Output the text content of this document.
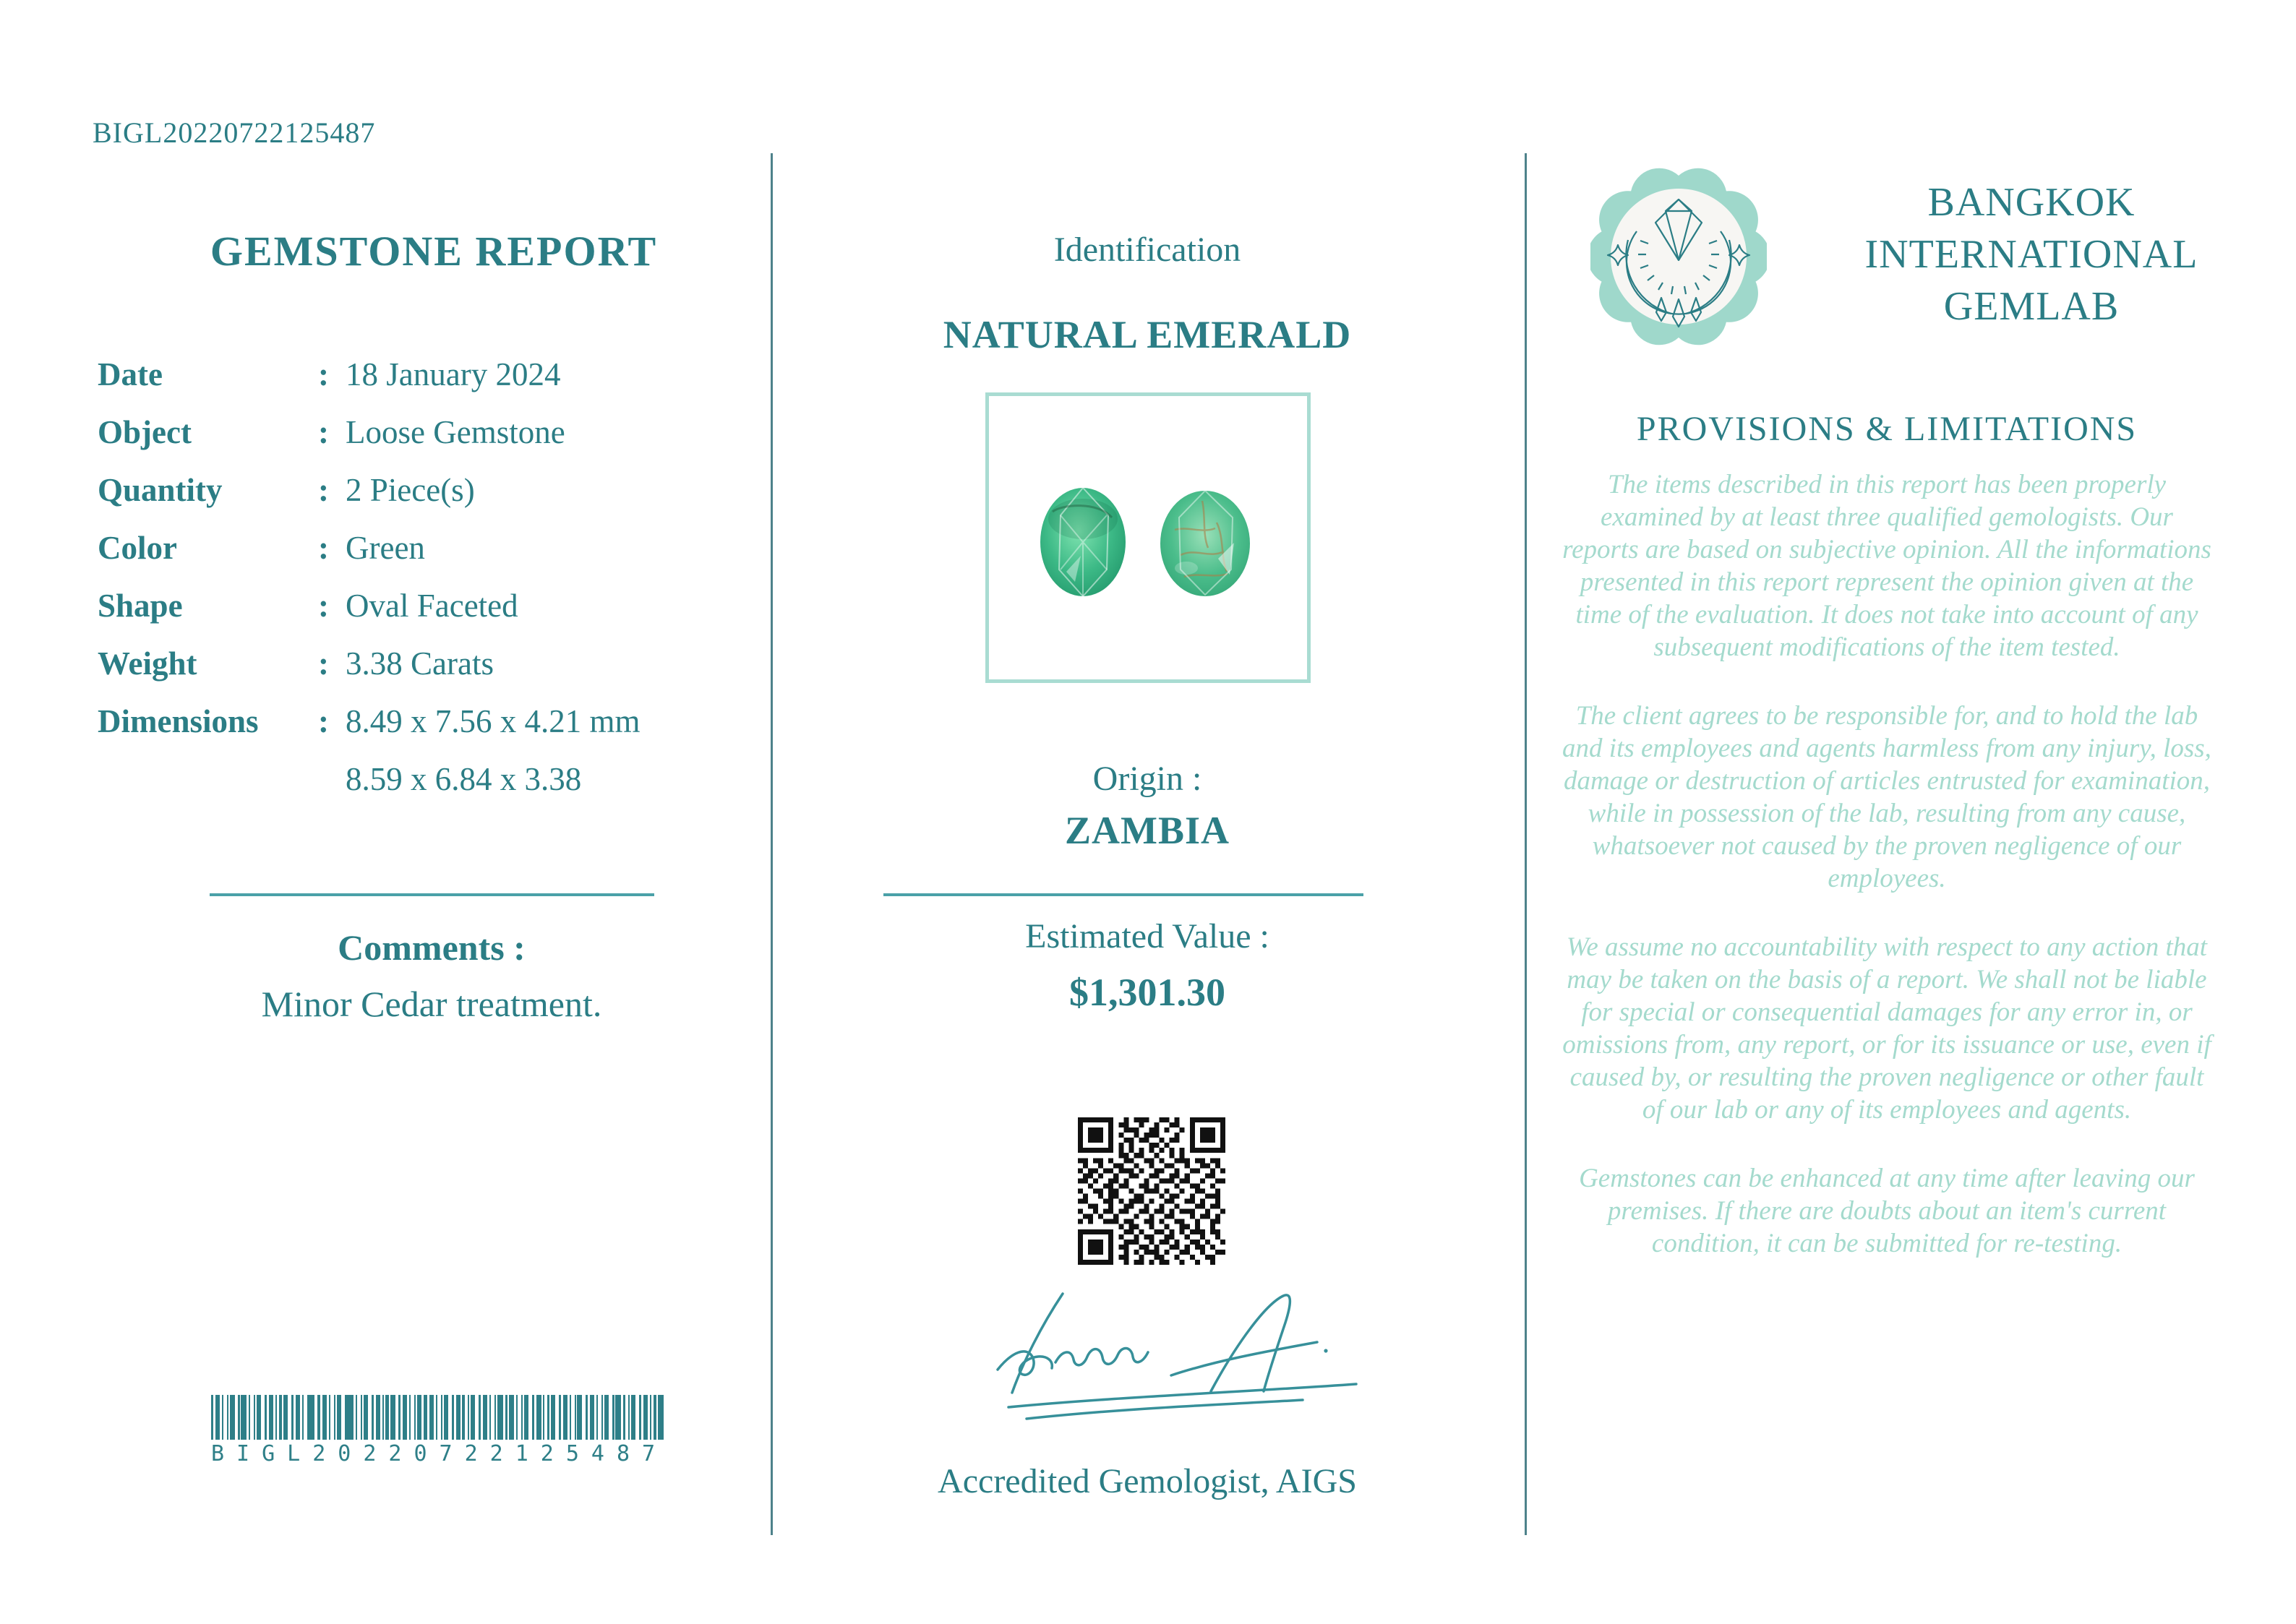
BIGL20220722125487
GEMSTONE REPORT
Date	: 18 January 2024
Object	: Loose Gemstone
Quantity	: 2 Piece(s)
Color	: Green
Shape	: Oval Faceted
Weight	: 3.38 Carats
Dimensions	: 8.49 x 7.56 x 4.21 mm
8.59 x 6.84 x 3.38
Comments :
Minor Cedar treatment.
BIGL20220722125487
Identification
NATURAL EMERALD
Origin :
ZAMBIA
Estimated Value :
$1,301.30
Accredited Gemologist, AIGS
BANGKOK
INTERNATIONAL
GEMLAB
PROVISIONS & LIMITATIONS

The items described in this report has been properly examined by at least three qualified gemologists. Our reports are based on subjective opinion. All the informations presented in this report represent the opinion given at the time of the evaluation. It does not take into account of any subsequent modifications of the item tested.

The client agrees to be responsible for, and to hold the lab and its employees and agents harmless from any injury, loss, damage or destruction of articles entrusted for examination, while in possession of the lab, resulting from any cause, whatsoever not caused by the proven negligence of our employees.

We assume no accountability with respect to any action that may be taken on the basis of a report. We shall not be liable for special or consequential damages for any error in, or omissions from, any report, or for its issuance or use, even if caused by, or resulting the proven negligence or other fault of our lab or any of its employees and agents.

Gemstones can be enhanced at any time after leaving our premises. If there are doubts about an item's current condition, it can be submitted for re-testing.
